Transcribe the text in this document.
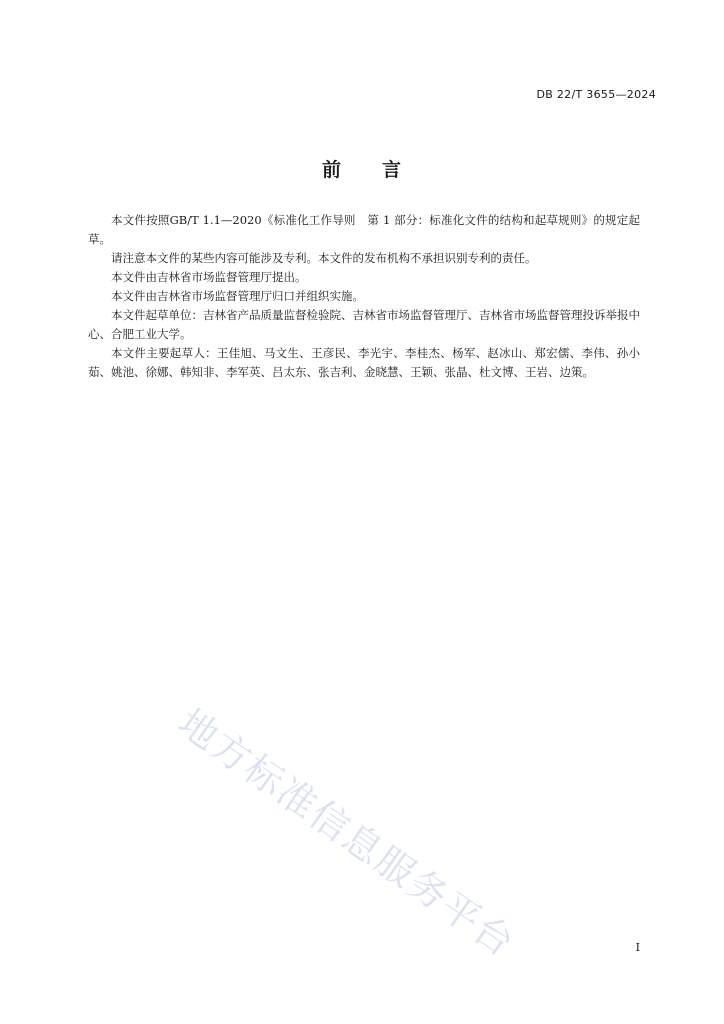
DB 22/T 3655—2024
前 言

本文件按照GB/T 1.1—2020《标准化工作导则　第 1 部分：标准化文件的结构和起草规则》的规定起草。

请注意本文件的某些内容可能涉及专利。本文件的发布机构不承担识别专利的责任。

本文件由吉林省市场监督管理厅提出。

本文件由吉林省市场监督管理厅归口并组织实施。

本文件起草单位：吉林省产品质量监督检验院、吉林省市场监督管理厅、吉林省市场监督管理投诉举报中心、合肥工业大学。

本文件主要起草人：王佳旭、马文生、王彦民、李光宇、李桂杰、杨军、赵冰山、郑宏儒、李伟、孙小茹、姚池、徐娜、韩知非、李军英、吕太东、张吉利、金晓慧、王颖、张晶、杜文博、王岩、边策。

地方标准信息服务平台	I
